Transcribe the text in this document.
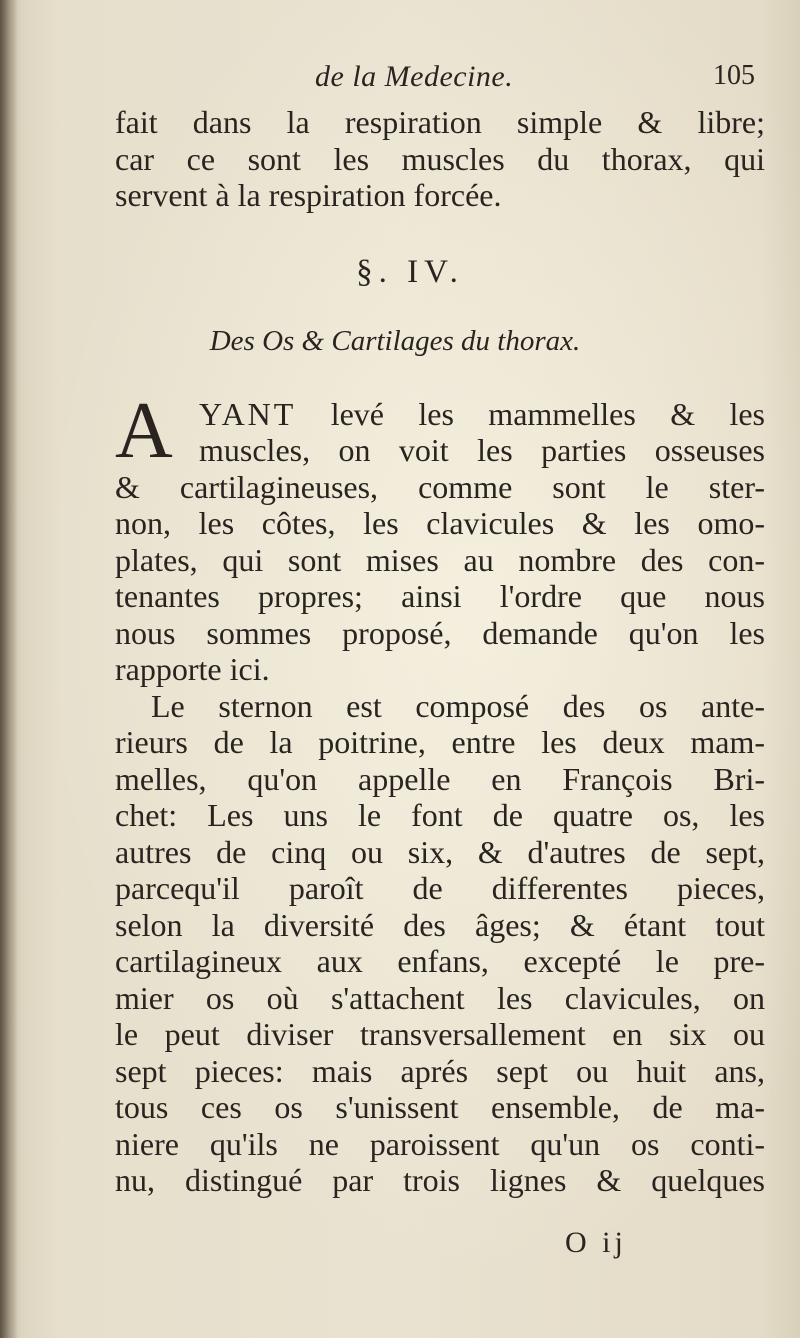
de la Medecine.	105
fait dans la respiration simple & libre;
car ce sont les muscles du thorax, qui
servent à la respiration forcée.
§. IV.
Des Os & Cartilages du thorax.
A YANT levé les mammelles & les
muscles, on voit les parties osseuses
& cartilagineuses, comme sont le ster-
non, les côtes, les clavicules & les omo-
plates, qui sont mises au nombre des con-
tenantes propres; ainsi l'ordre que nous
nous sommes proposé, demande qu'on les
rapporte ici.
Le sternon est composé des os ante-
rieurs de la poitrine, entre les deux mam-
melles, qu'on appelle en François Bri-
chet: Les uns le font de quatre os, les
autres de cinq ou six, & d'autres de sept,
parcequ'il paroît de differentes pieces,
selon la diversité des âges; & étant tout
cartilagineux aux enfans, excepté le pre-
mier os où s'attachent les clavicules, on
le peut diviser transversallement en six ou
sept pieces: mais aprés sept ou huit ans,
tous ces os s'unissent ensemble, de ma-
niere qu'ils ne paroissent qu'un os conti-
nu, distingué par trois lignes & quelques
O ij
